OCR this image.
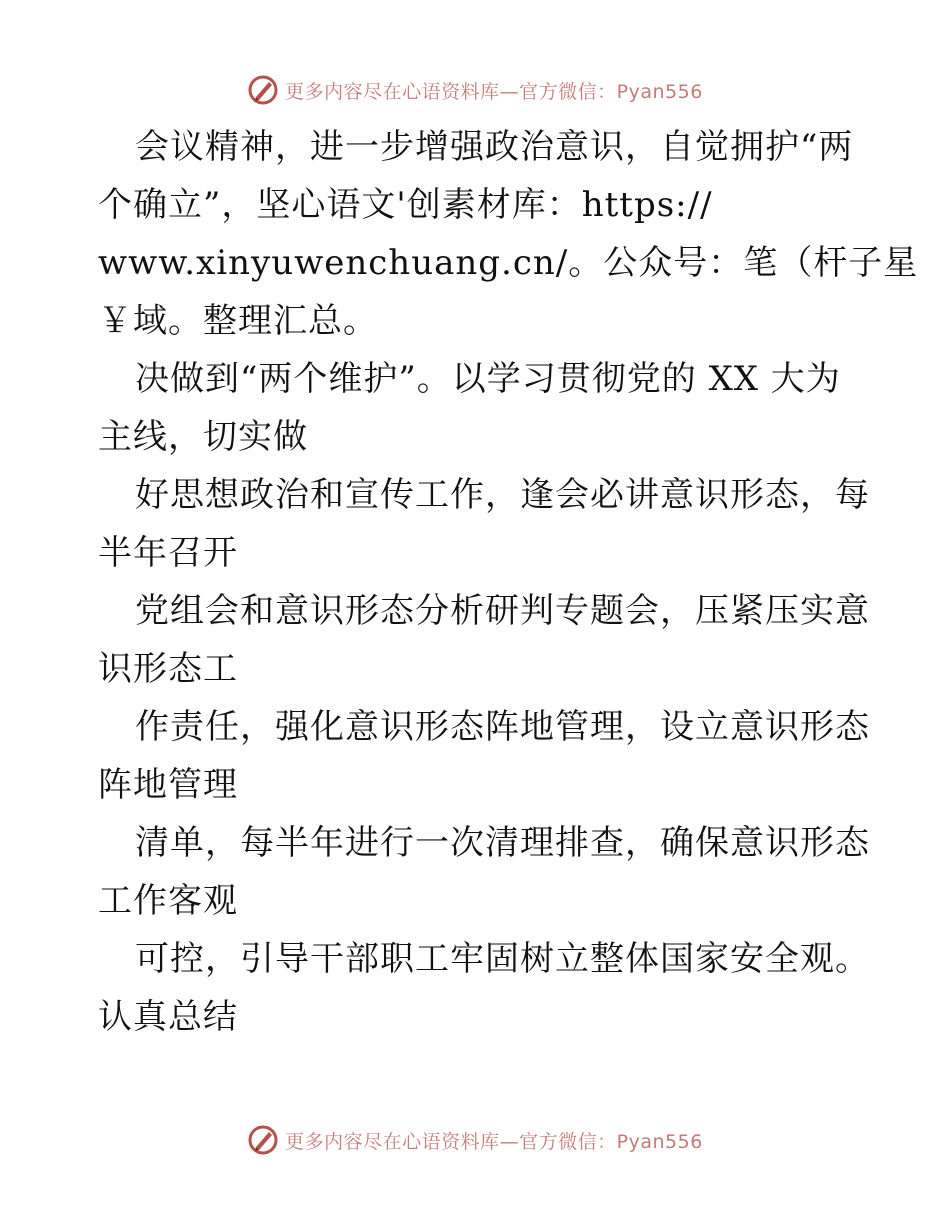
更多内容尽在心语资料库—官方微信：Pyan556
会议精神，进一步增强政治意识，自觉拥护“两
个确立”，坚心语文'创素材库：https://
www.xinyuwenchuang.cn/。公众号：笔（杆子星
￥域。整理汇总。
决做到“两个维护”。以学习贯彻党的 XX 大为
主线，切实做
好思想政治和宣传工作，逢会必讲意识形态，每
半年召开
党组会和意识形态分析研判专题会，压紧压实意
识形态工
作责任，强化意识形态阵地管理，设立意识形态
阵地管理
清单，每半年进行一次清理排查，确保意识形态
工作客观
可控，引导干部职工牢固树立整体国家安全观。
认真总结
更多内容尽在心语资料库—官方微信：Pyan556
